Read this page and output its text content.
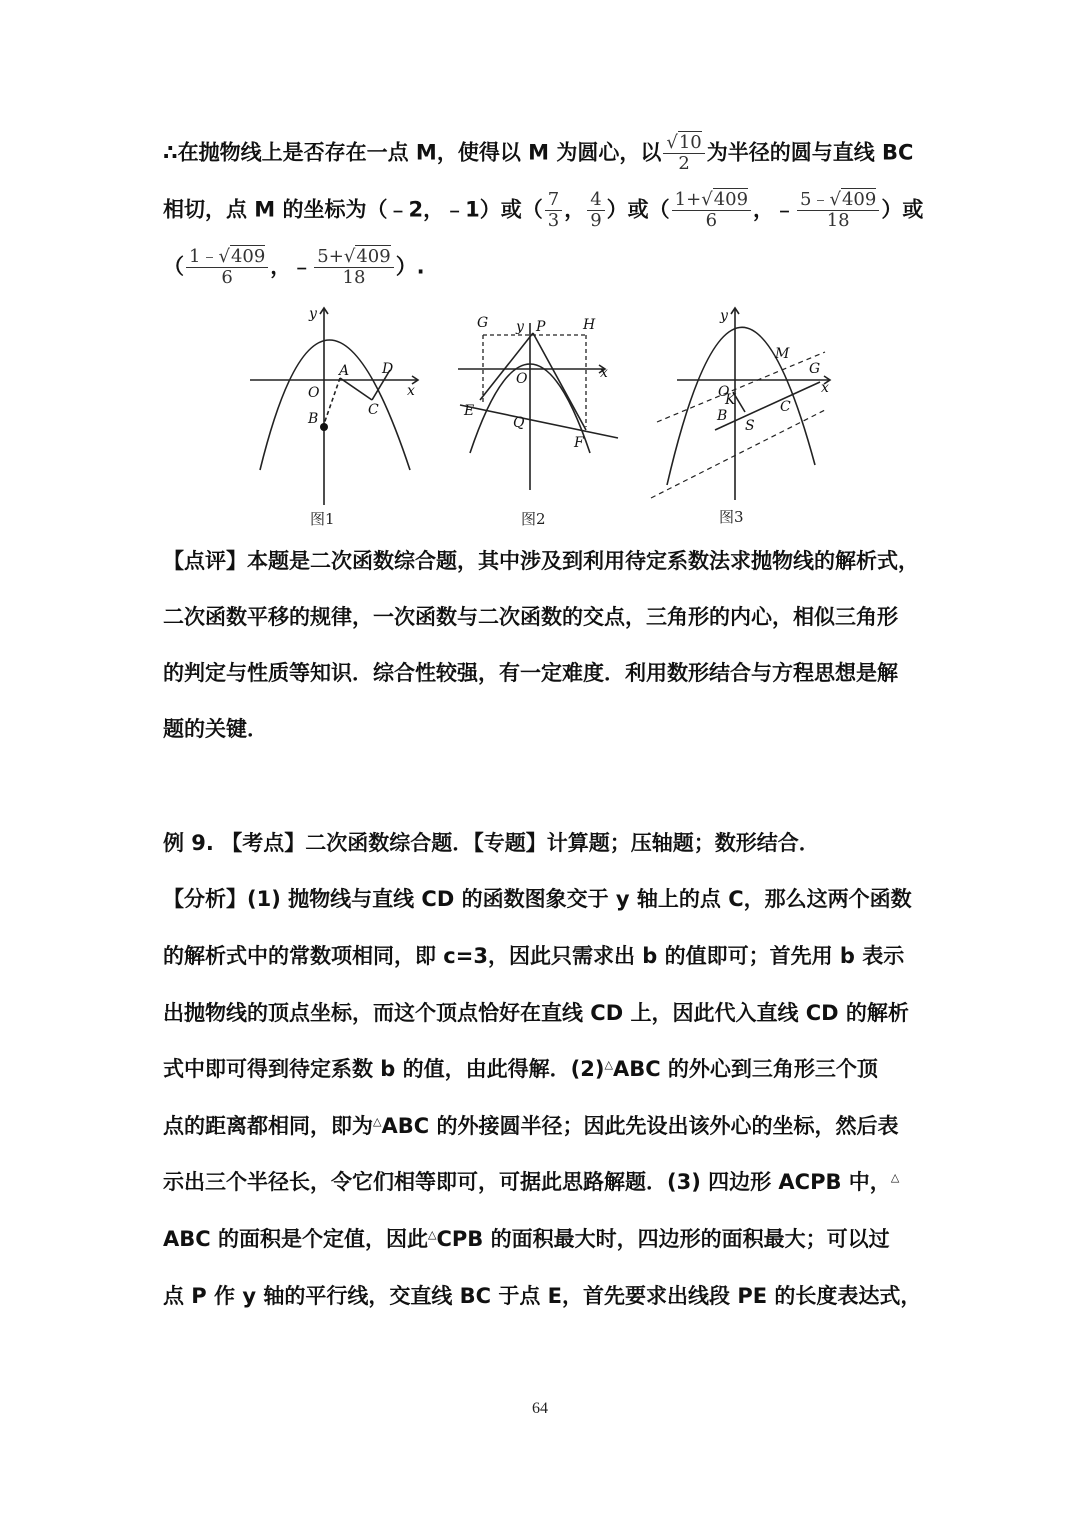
∴在抛物线上是否存在一点 M，使得以 M 为圆心，以 $\frac{√10}{2}$ 为半径的圆与直线 BC
相切，点 M 的坐标为（﹣2，﹣1）或（ $\frac{7}{3}$ ， $\frac{4}{9}$ ）或（ $\frac{1+√409}{6}$ ，﹣ $\frac{5﹣√409}{18}$ ）或
（ $\frac{1﹣√409}{6}$ ，﹣ $\frac{5+√409}{18}$ ）.
y
x
O
A
B
C
D
图1
G y P	H
O	x
E
Q
F
图2
y
M
G
O
K
B
S
C
x
图3
【点评】本题是二次函数综合题，其中涉及到利用待定系数法求抛物线的解析式，
二次函数平移的规律，一次函数与二次函数的交点，三角形的内心，相似三角形
的判定与性质等知识．综合性较强，有一定难度．利用数形结合与方程思想是解
题的关键．
例 9. 【考点】二次函数综合题．【专题】计算题；压轴题；数形结合．
【分析】(1) 抛物线与直线 CD 的函数图象交于 y 轴上的点 C，那么这两个函数
的解析式中的常数项相同，即 c=3，因此只需求出 b 的值即可；首先用 b 表示
出抛物线的顶点坐标，而这个顶点恰好在直线 CD 上，因此代入直线 CD 的解析
式中即可得到待定系数 b 的值，由此得解．(2)△ABC 的外心到三角形三个顶
点的距离都相同，即为△ABC 的外接圆半径；因此先设出该外心的坐标，然后表
示出三个半径长，令它们相等即可，可据此思路解题．(3) 四边形 ACPB 中，△
ABC 的面积是个定值，因此△CPB 的面积最大时，四边形的面积最大；可以过
点 P 作 y 轴的平行线，交直线 BC 于点 E，首先要求出线段 PE 的长度表达式，
64
